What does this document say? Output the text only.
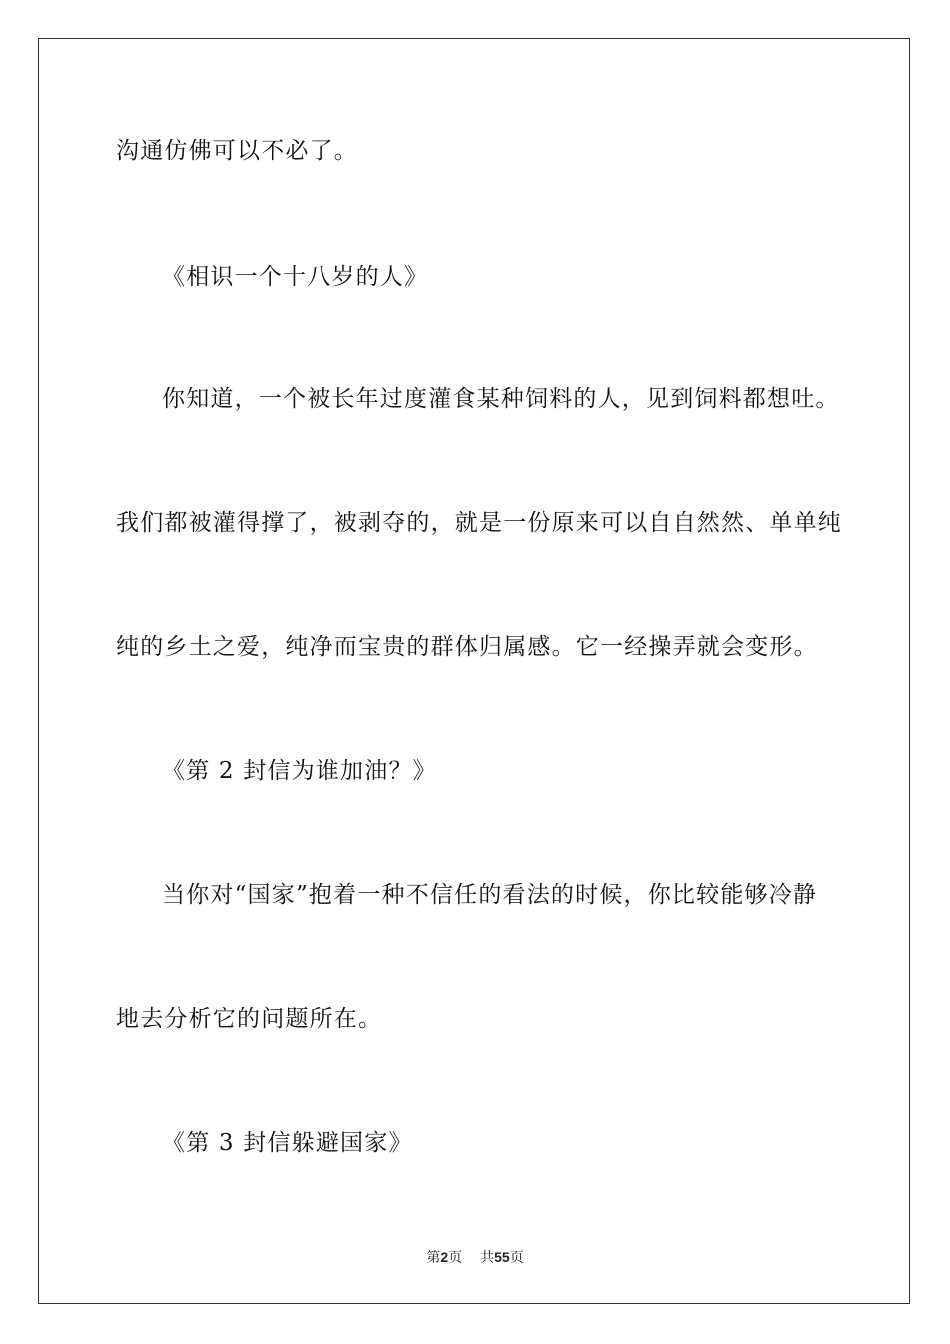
沟通仿佛可以不必了。
《相识一个十八岁的人》
你知道，一个被长年过度灌食某种饲料的人，见到饲料都想吐。
我们都被灌得撑了，被剥夺的，就是一份原来可以自自然然、单单纯
纯的乡土之爱，纯净而宝贵的群体归属感。它一经操弄就会变形。
《第 2 封信为谁加油？》
当你对“国家”抱着一种不信任的看法的时候，你比较能够冷静
地去分析它的问题所在。
《第 3 封信躲避国家》
第2页 共55页
